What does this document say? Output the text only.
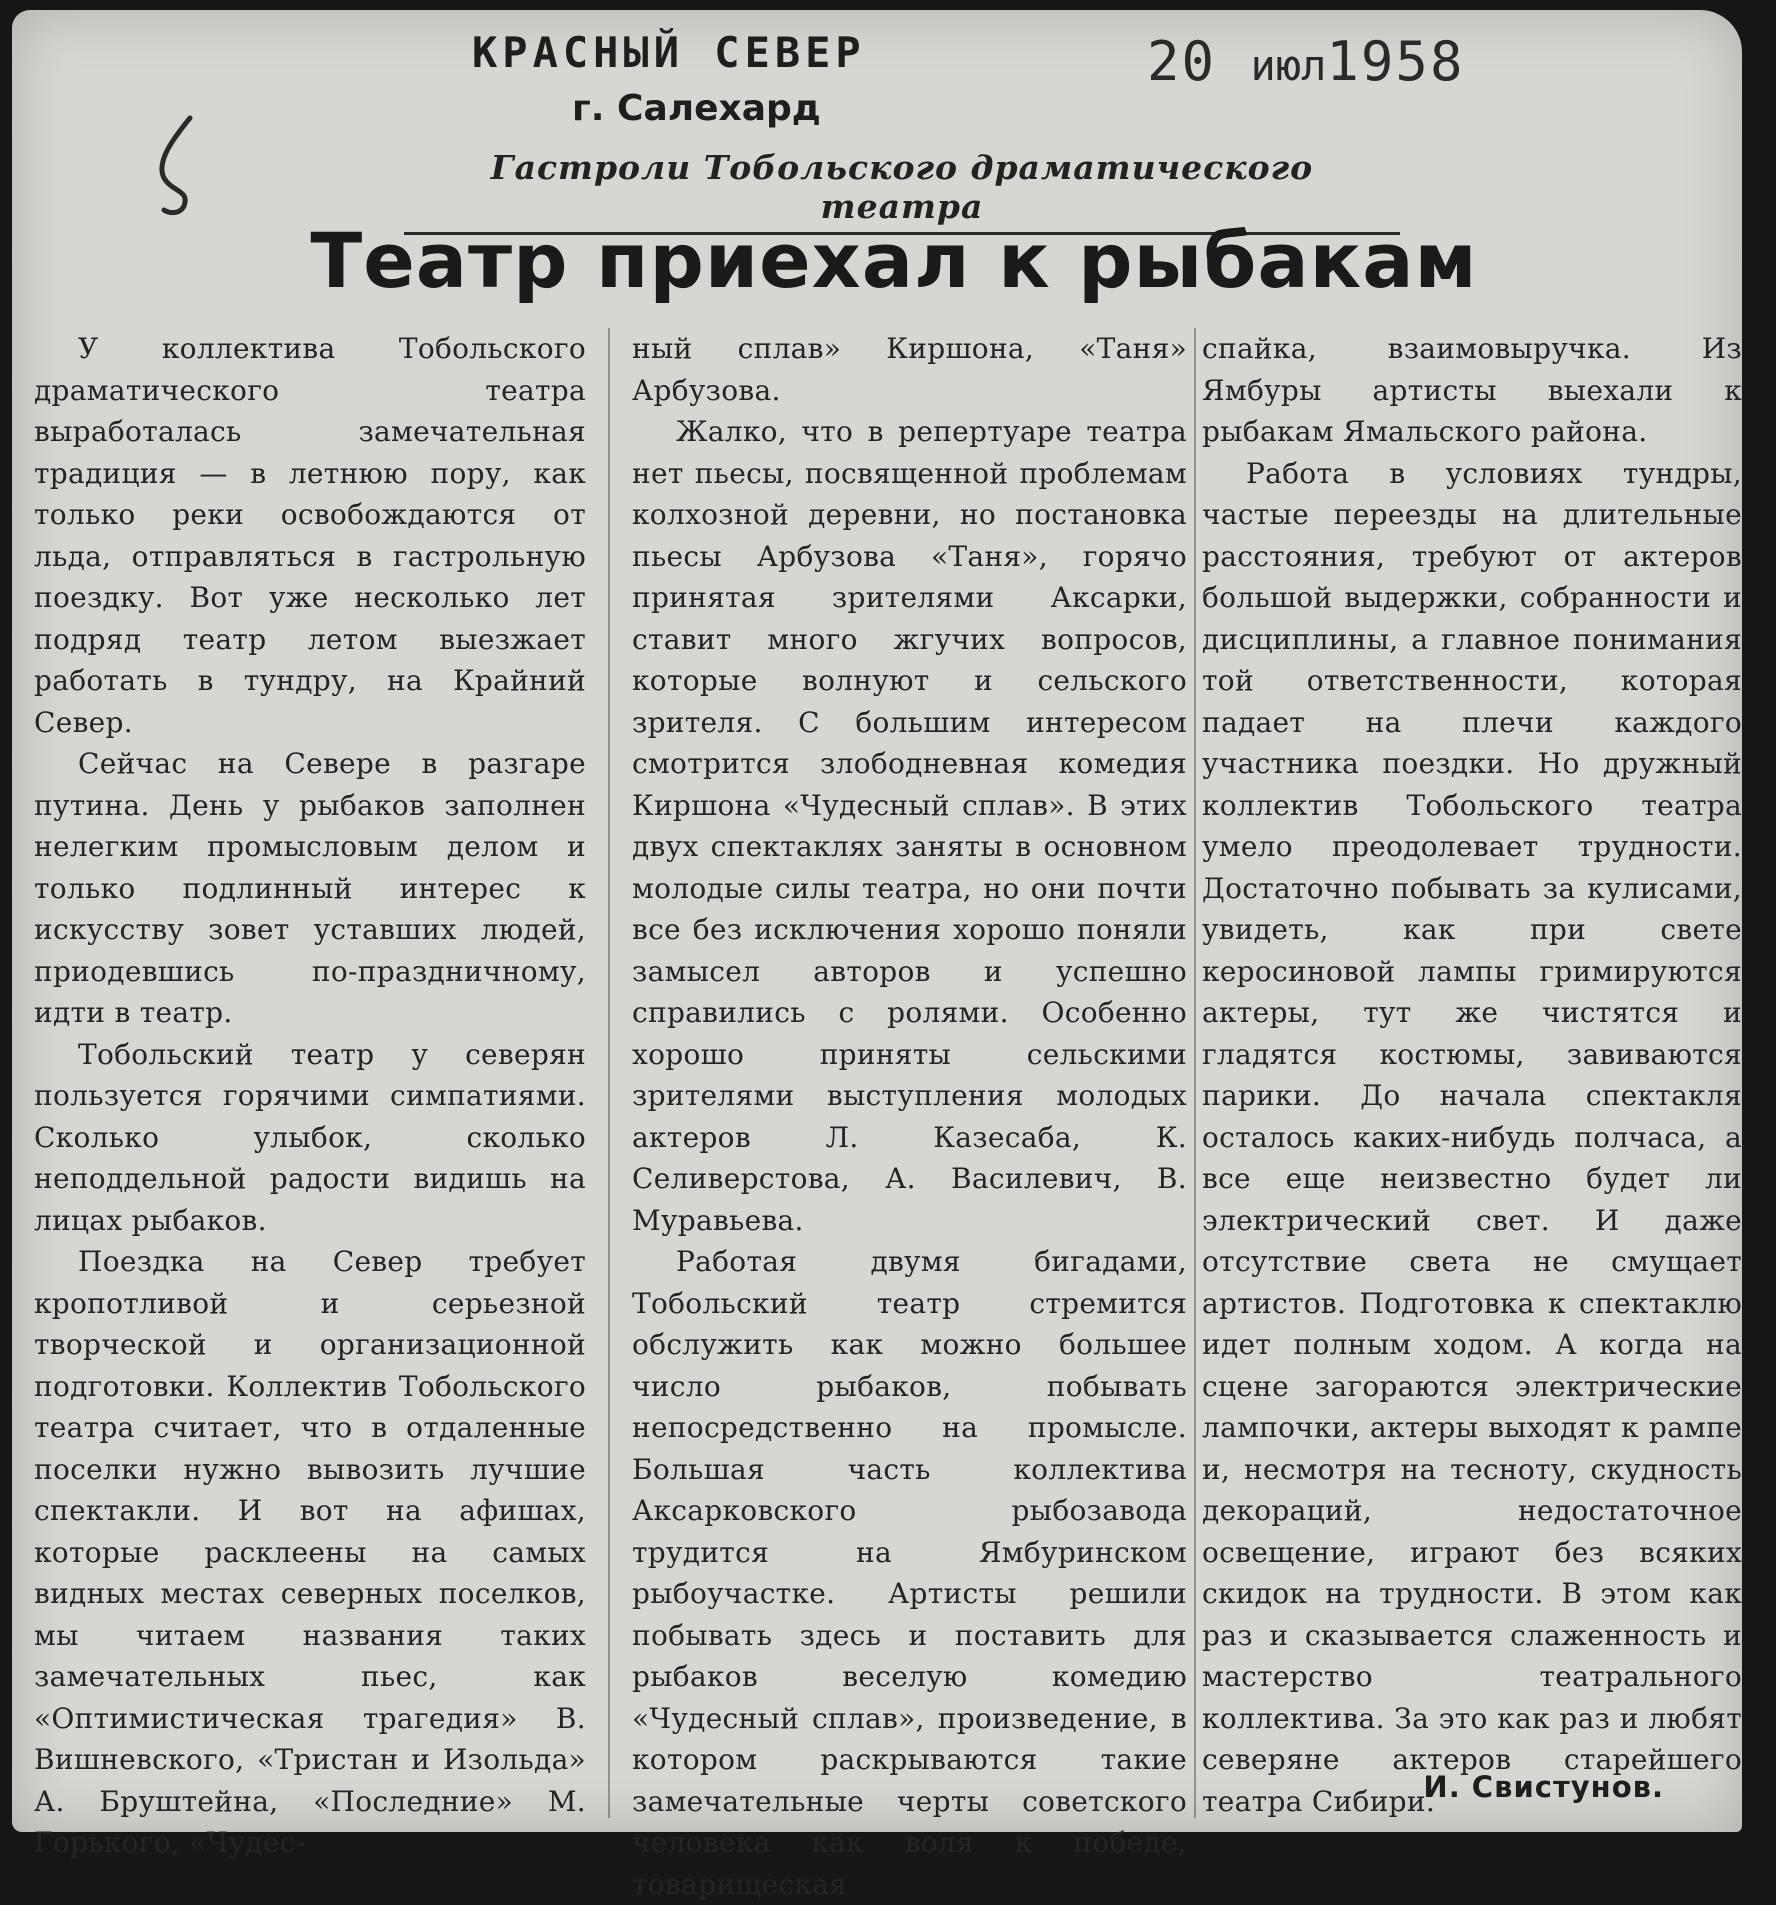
КРАСНЫЙ СЕВЕР
г. Салехард
20 июл1958
Гастроли Тобольского драматического театра
Театр приехал к рыбакам

У коллектива Тобольского драматического театра выработалась замечательная традиция — в летнюю пору, как только реки освобождаются от льда, отправляться в гастрольную поездку. Вот уже несколько лет подряд театр летом выезжает работать в тундру, на Крайний Север.

Сейчас на Севере в разгаре путина. День у рыбаков заполнен нелегким промысловым делом и только подлинный интерес к искусству зовет уставших людей, приодевшись по-праздничному, идти в театр.

Тобольский театр у северян пользуется горячими симпатиями. Сколько улыбок, сколько неподдельной радости видишь на лицах рыбаков.

Поездка на Север требует кропотливой и серьезной творческой и организационной подготовки. Коллектив Тобольского театра считает, что в отдаленные поселки нужно вывозить лучшие спектакли. И вот на афишах, которые расклеены на самых видных местах северных поселков, мы читаем названия таких замечательных пьес, как «Оптимистическая трагедия» В. Вишневского, «Тристан и Изольда» А. Бруштейна, «Последние» М. Горького, «Чудес-

ный сплав» Киршона, «Таня» Арбузова.

Жалко, что в репертуаре театра нет пьесы, посвященной проблемам колхозной деревни, но постановка пьесы Арбузова «Таня», горячо принятая зрителями Аксарки, ставит много жгучих вопросов, которые волнуют и сельского зрителя. С большим интересом смотрится злободневная комедия Киршона «Чудесный сплав». В этих двух спектаклях заняты в основном молодые силы театра, но они почти все без исключения хорошо поняли замысел авторов и успешно справились с ролями. Особенно хорошо приняты сельскими зрителями выступления молодых актеров Л. Казесаба, К. Селиверстова, А. Василевич, В. Муравьева.

Работая двумя бигадами, Тобольский театр стремится обслужить как можно большее число рыбаков, побывать непосредственно на промысле. Большая часть коллектива Аксарковского рыбозавода трудится на Ямбуринском рыбоучастке. Артисты решили побывать здесь и поставить для рыбаков веселую комедию «Чудесный сплав», произведение, в котором раскрываются такие замечательные черты советского человека как воля к победе, товарищеская

спайка, взаимовыручка. Из Ямбуры артисты выехали к рыбакам Ямальского района.

Работа в условиях тундры, частые переезды на длительные расстояния, требуют от актеров большой выдержки, собранности и дисциплины, а главное понимания той ответственности, которая падает на плечи каждого участника поездки. Но дружный коллектив Тобольского театра умело преодолевает трудности. Достаточно побывать за кулисами, увидеть, как при свете керосиновой лампы гримируются актеры, тут же чистятся и гладятся костюмы, завиваются парики. До начала спектакля осталось каких-нибудь полчаса, а все еще неизвестно будет ли электрический свет. И даже отсутствие света не смущает артистов. Подготовка к спектаклю идет полным ходом. А когда на сцене загораются электрические лампочки, актеры выходят к рампе и, несмотря на тесноту, скудность декораций, недостаточное освещение, играют без всяких скидок на трудности. В этом как раз и сказывается слаженность и мастерство театрального коллектива. За это как раз и любят северяне актеров старейшего театра Сибири.

И. Свистунов.
